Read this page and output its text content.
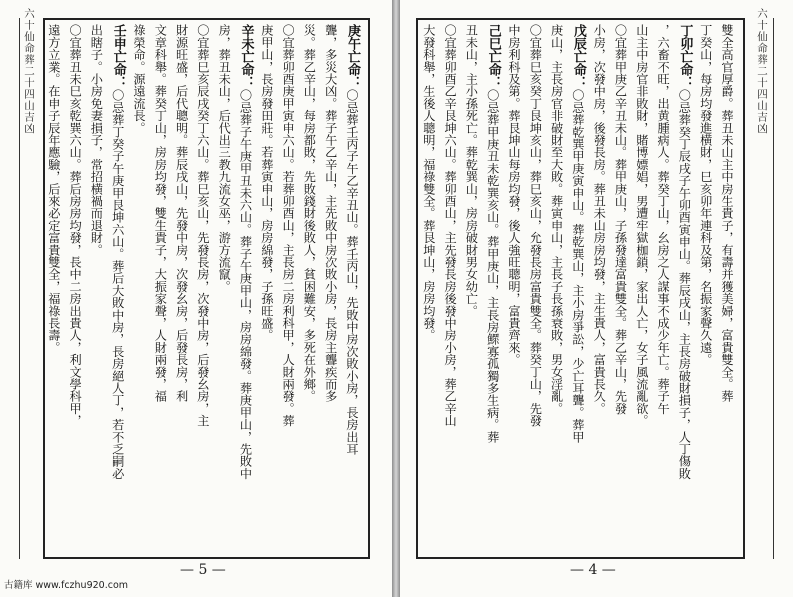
六十仙命葬二十四山吉凶	庚午亡命：〇忌葬壬丙子午乙辛丑山。葬壬丙山，先敗中房次敗小房，長房出耳
聾，多災大凶。葬子午乙辛山，主先敗中房次敗小房，長房主聾疾而多
災。葬乙辛山，每房都敗，先敗錢財後敗人，貧困難安，多死在外鄉。
〇宜葬卯酉庚甲寅申六山。若葬卯酉山，主長房二房利科甲，人財兩發。葬
庚甲山，長房發田莊。若葬寅申山，房房綿發，子孫旺盛。
辛未亡命：〇忌葬子午庚甲丑未六山。葬子午庚甲山，房房綿發。葬庚甲山，先敗中
房，葬丑未山，后代出三教九流女巫，游方流竄。
〇宜葬巳亥辰戌癸丁六山。葬巳亥山，先發長房，次發中房，后發幺房，主
財源旺盛，后代聰明。葬辰戌山，先發中房，次發幺房，后發長房，利
文章科舉。葬癸丁山，房房均發，雙生貴子，大振家聲，人財兩發，福
祿榮命。源遠流長。
壬申亡命：〇忌葬丁癸子午庚甲艮坤六山。葬后大敗中房，長房絕人丁，若不乏嗣必
出瞎子。小房免妻損子，常招横禍而退財。
〇宜葬丑未巳亥乾巽六山。葬后房房均發，長中二房出貴人，利文學科甲，
遠方立業。在申子辰年應驗，后來必定富貴雙全，福祿長壽。
— 5 —
古籍库 www.fczhu920.com
六十仙命葬二十四山吉凶
雙全高官厚爵。葬丑未山主中房生貴子，有壽并獲美婦，富貴雙全。葬
丁癸山，每房均發進横財，巳亥卯年連科及第，名振家聲久遠。
丁卯亡命：〇忌葬癸丁辰戌子午卯酉寅申山。葬辰戌山，主長房破財損子，人丁傷敗
，六畜不旺，出黄腫病人。葬癸丁山，幺房之人謀事不成少年亡。葬子午
山主中房官非敗財，賭博嫖娼，男遭牢獄枷鎖，家出人亡，女子風流亂欲。
〇宜葬甲庚乙辛丑未山。葬甲庚山，子孫發達富貴雙全。葬乙辛山，先發
小房，次發中房，後發長房。葬丑未山房房均發，主生貴人，富貴長久。
戊辰亡命：〇忌葬乾巽甲庚寅申山。葬乾巽山，主小房爭訟，少亡耳聾。葬甲
庚山，主長房官非破財至大敗。葬寅申山，主長子長孫衰敗，男女淫亂。
〇宜葬巳亥癸丁艮坤亥山，葬巳亥山，允發長房富貴雙全。葬癸丁山，先發
中房利科及第。葬艮坤山每房均發，後人強旺聰明，富貴齊來。
己巳亡命：〇忌葬甲庚丑未乾巽亥山。葬甲庚山，主長房鰥寡孤獨多生病。葬
丑未山，主小孫死亡。葬乾巽山，房房破財男女幼亡。
〇宜葬卯酉乙辛艮坤六山。葬卯酉山，主先發長房後發中房小房，葬乙辛山
大發科舉，生後人聰明，福祿雙全。葬艮坤山，房房均發。
— 4 —
